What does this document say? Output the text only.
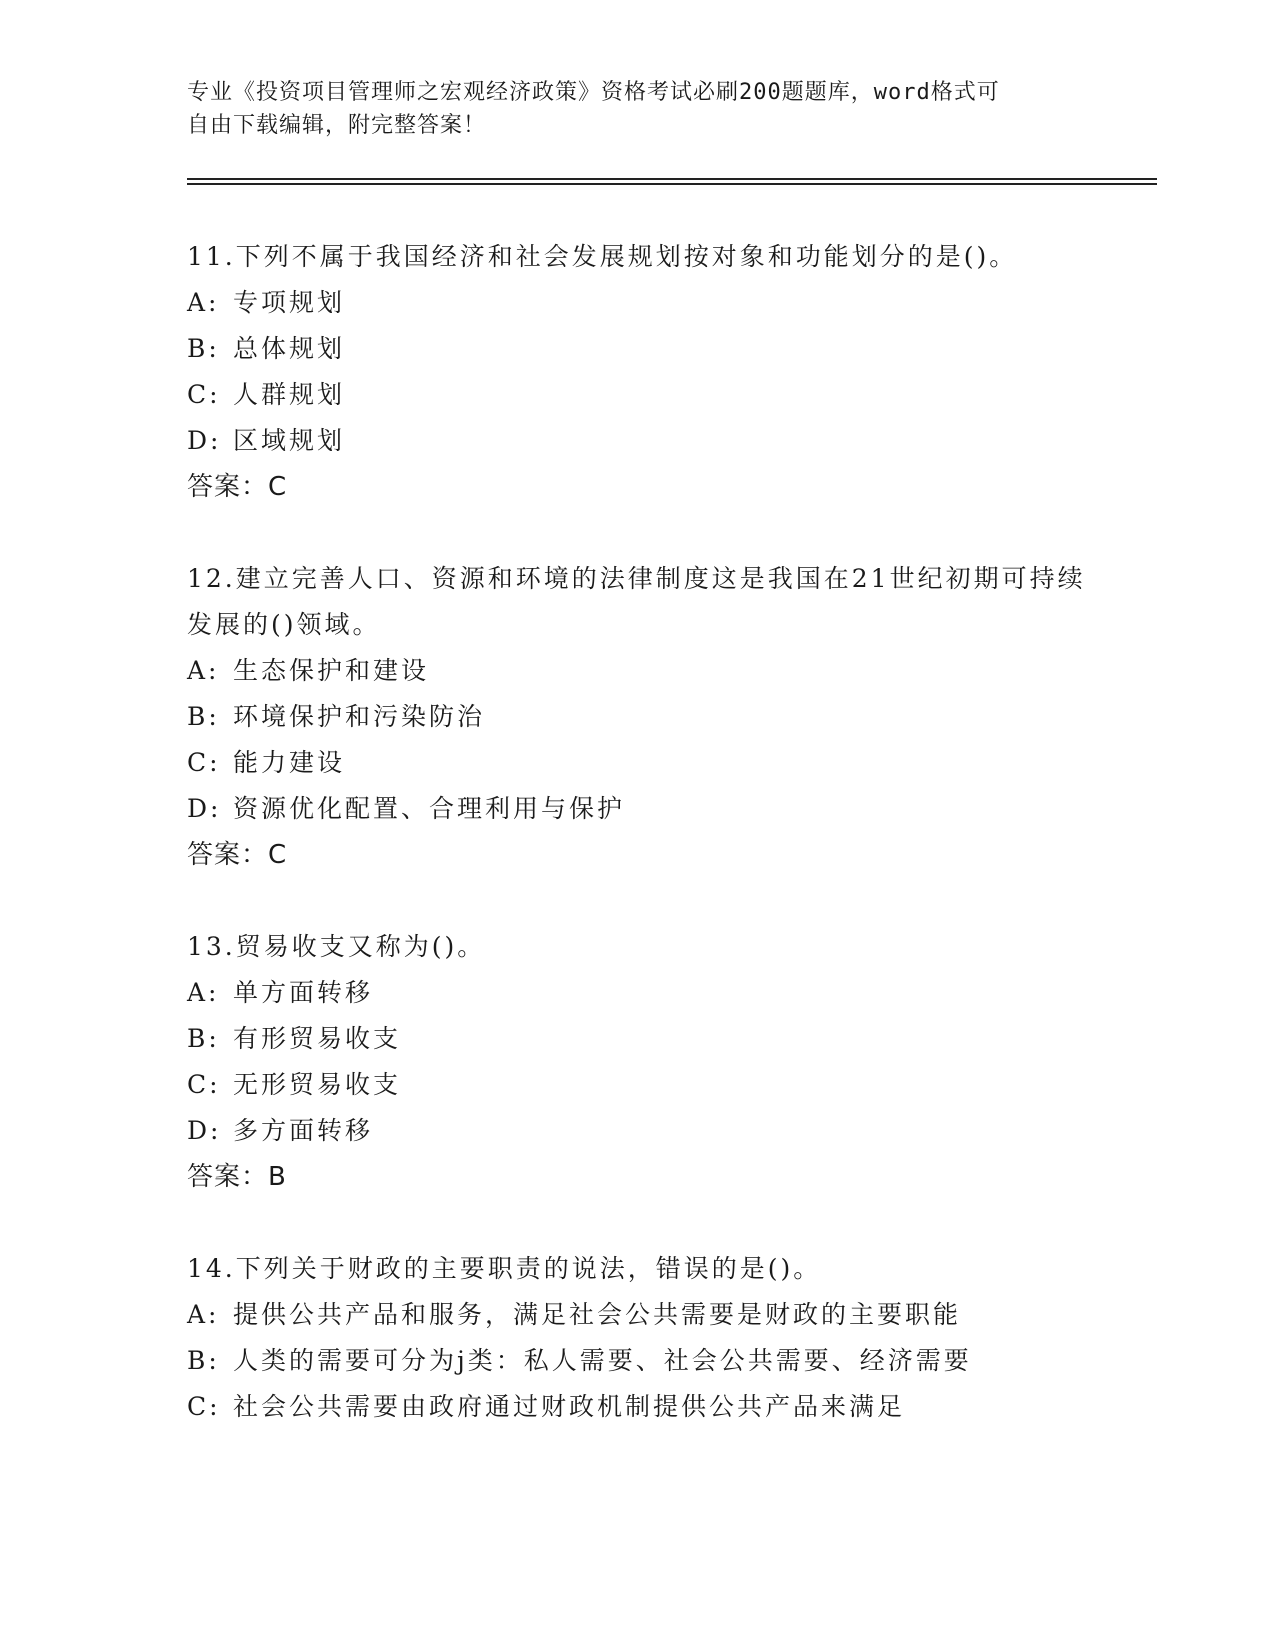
专业《投资项目管理师之宏观经济政策》资格考试必刷200题题库，word格式可
自由下载编辑，附完整答案！
11.下列不属于我国经济和社会发展规划按对象和功能划分的是()。
A: 专项规划
B: 总体规划
C: 人群规划
D: 区域规划
答案：C
12.建立完善人口、资源和环境的法律制度这是我国在21世纪初期可持续发展的()领域。
A: 生态保护和建设
B: 环境保护和污染防治
C: 能力建设
D: 资源优化配置、合理利用与保护
答案：C
13.贸易收支又称为()。
A: 单方面转移
B: 有形贸易收支
C: 无形贸易收支
D: 多方面转移
答案：B
14.下列关于财政的主要职责的说法，错误的是()。
A: 提供公共产品和服务，满足社会公共需要是财政的主要职能
B: 人类的需要可分为j类：私人需要、社会公共需要、经济需要
C: 社会公共需要由政府通过财政机制提供公共产品来满足
